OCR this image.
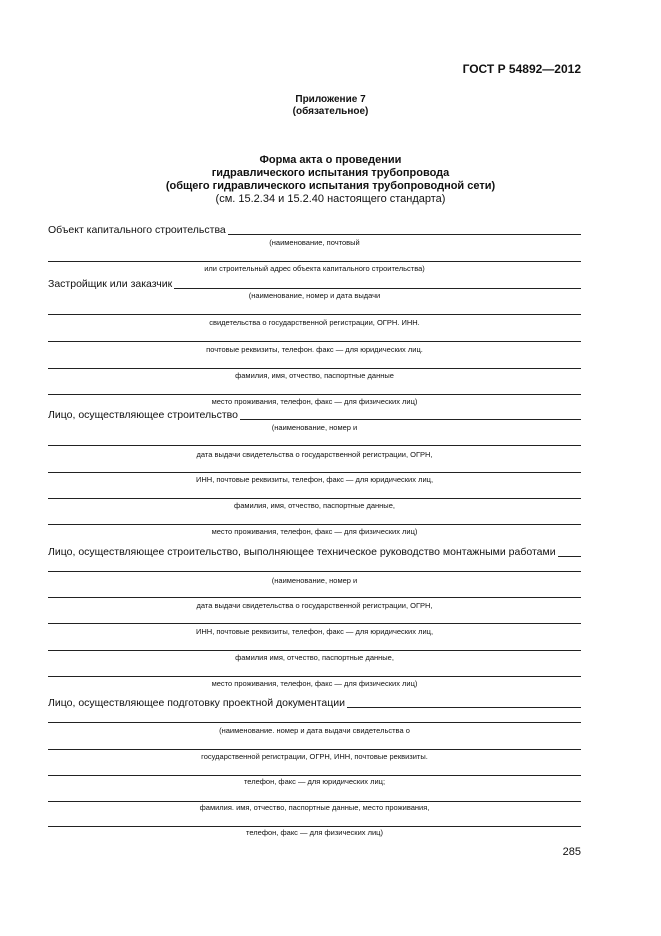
ГОСТ Р 54892—2012
Приложение 7
(обязательное)
Форма акта о проведении
гидравлического испытания трубопровода
(общего гидравлического испытания трубопроводной сети)
(см. 15.2.34 и 15.2.40 настоящего стандарта)
Объект капитального строительства
(наименование, почтовый
или строительный адрес объекта капитального строительства)
Застройщик или заказчик
(наименование, номер и дата выдачи
свидетельства о государственной регистрации, ОГРН. ИНН.
почтовые реквизиты, телефон. факс — для юридических лиц.
фамилия, имя, отчество, паспортные данные
место проживания, телефон, факс — для физических лиц)
Лицо, осуществляющее строительство
(наименование, номер и
дата выдачи свидетельства о государственной регистрации, ОГРН,
ИНН, почтовые реквизиты, телефон, факс — для юридических лиц,
фамилия, имя, отчество, паспортные данные,
место проживания, телефон, факс — для физических лиц)
Лицо, осуществляющее строительство, выполняющее техническое руководство монтажными работами
(наименование, номер и
дата выдачи свидетельства о государственной регистрации, ОГРН,
ИНН, почтовые реквизиты, телефон, факс — для юридических лиц,
фамилия имя, отчество, паспортные данные,
место проживания, телефон, факс — для физических лиц)
Лицо, осуществляющее подготовку проектной документации
(наименование. номер и дата выдачи свидетельства о
государственной регистрации, ОГРН, ИНН, почтовые реквизиты.
телефон, факс — для юридических лиц;
фамилия. имя, отчество, паспортные данные, место проживания,
телефон, факс — для физических лиц)
285
